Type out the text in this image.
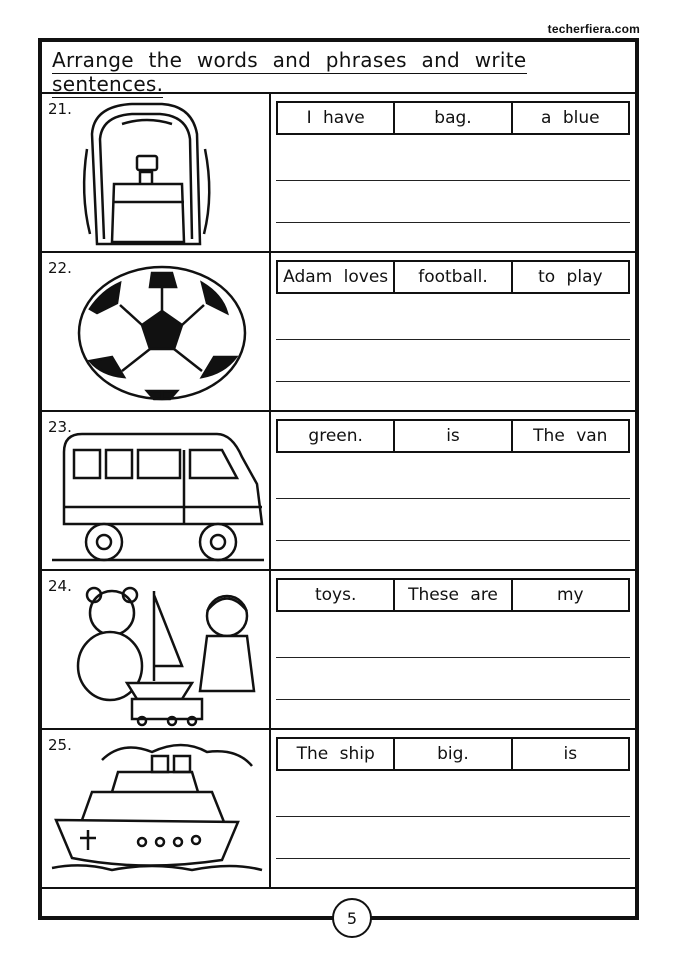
techerfiera.com
Arrange the words and phrases and write sentences.
21.	I have	bag.	a blue
22.	Adam loves	football.	to play
23.	green.	is	The van
24.	toys.	These are	my
25.	The ship	big.	is
5
